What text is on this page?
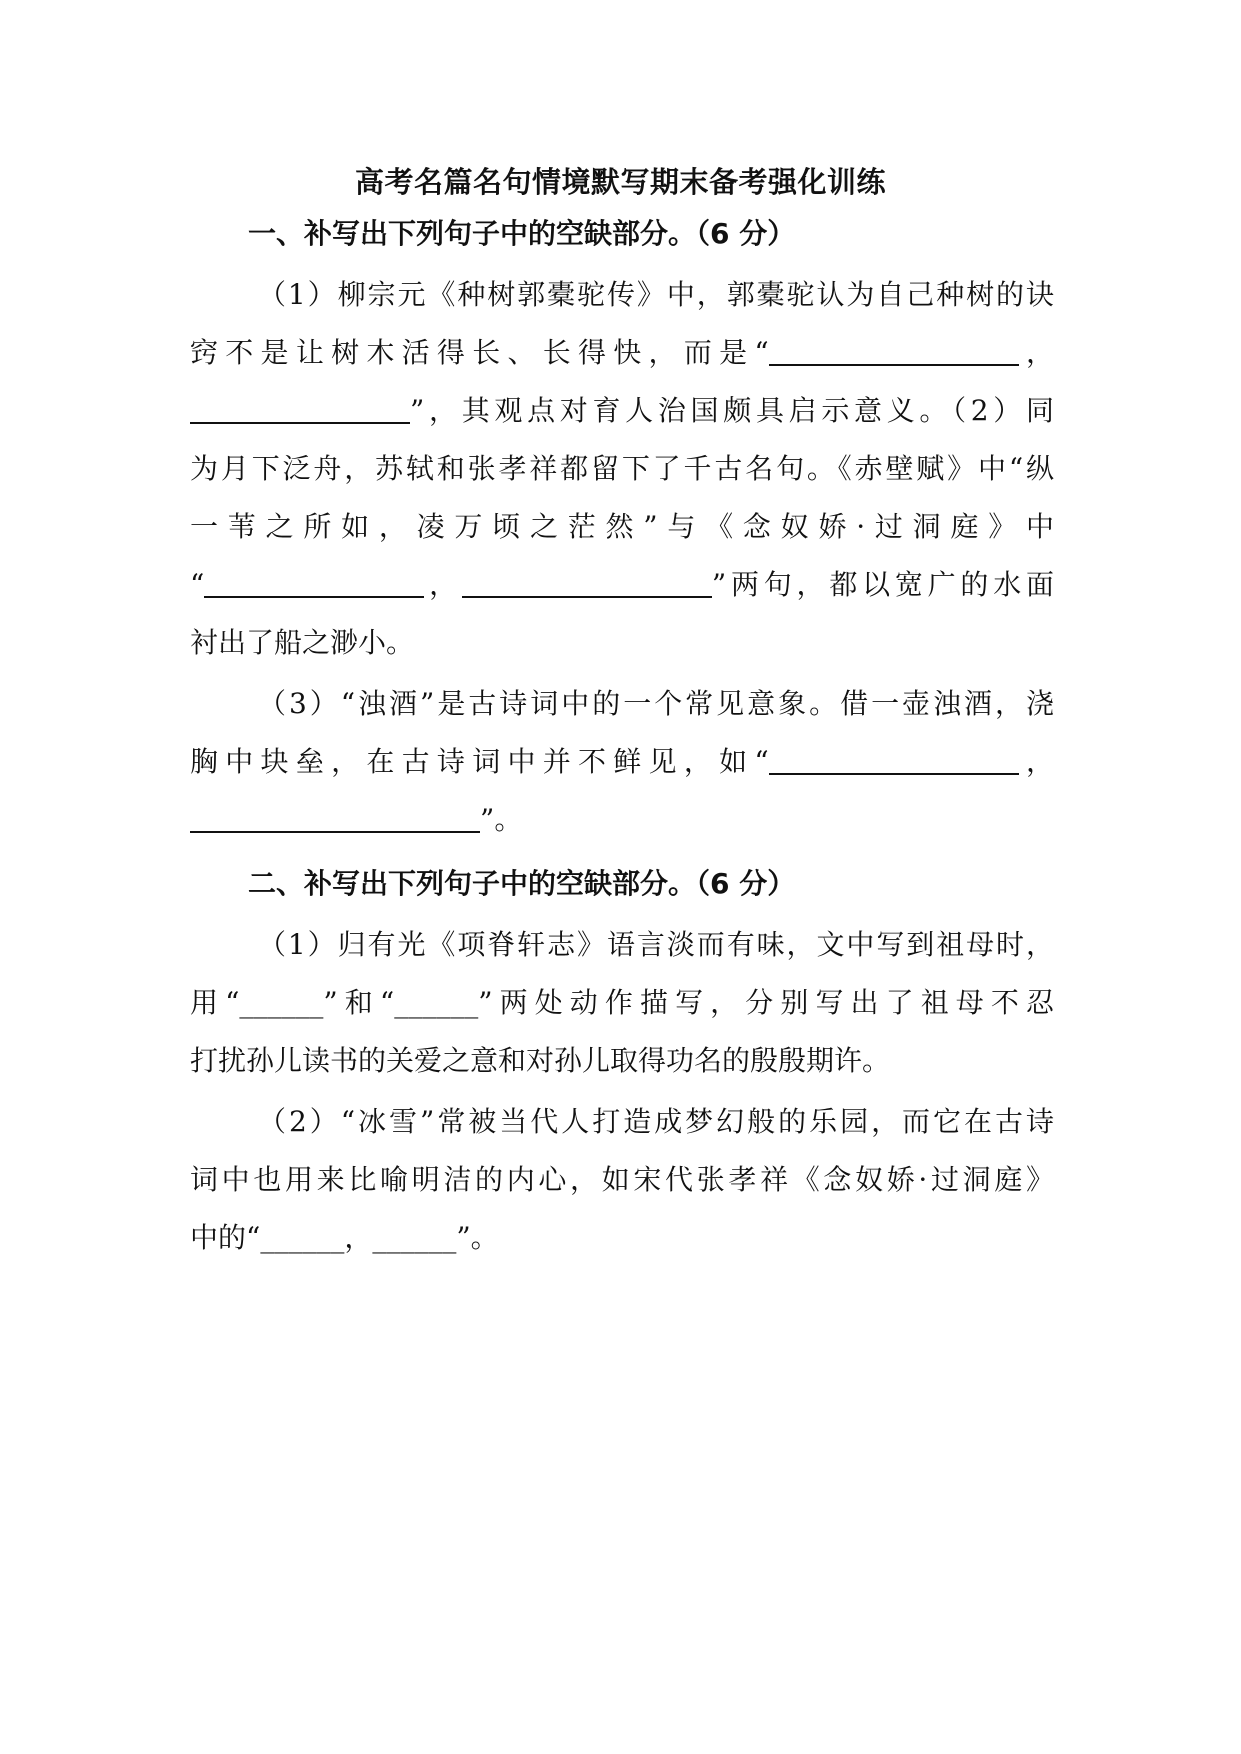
高考名篇名句情境默写期末备考强化训练
一、补写出下列句子中的空缺部分。（6 分）
（1）柳宗元《种树郭橐驼传》中，郭橐驼认为自己种树的诀
窍不是让树木活得长、长得快，而是“	，
”，其观点对育人治国颇具启示意义。（2）同
为月下泛舟，苏轼和张孝祥都留下了千古名句。《赤壁赋》中“纵
一苇之所如，凌万顷之茫然”与《念奴娇·过洞庭》中
“	，	”两句，都以宽广的水面
衬出了船之渺小。
（3）“浊酒”是古诗词中的一个常见意象。借一壶浊酒，浇
胸中块垒，在古诗词中并不鲜见，如“	，
”。
二、补写出下列句子中的空缺部分。（6 分）
（1）归有光《项脊轩志》语言淡而有味，文中写到祖母时，
用“______”和“______”两处动作描写，分别写出了祖母不忍
打扰孙儿读书的关爱之意和对孙儿取得功名的殷殷期许。
（2）“冰雪”常被当代人打造成梦幻般的乐园，而它在古诗
词中也用来比喻明洁的内心，如宋代张孝祥《念奴娇·过洞庭》
中的“______，______”。
